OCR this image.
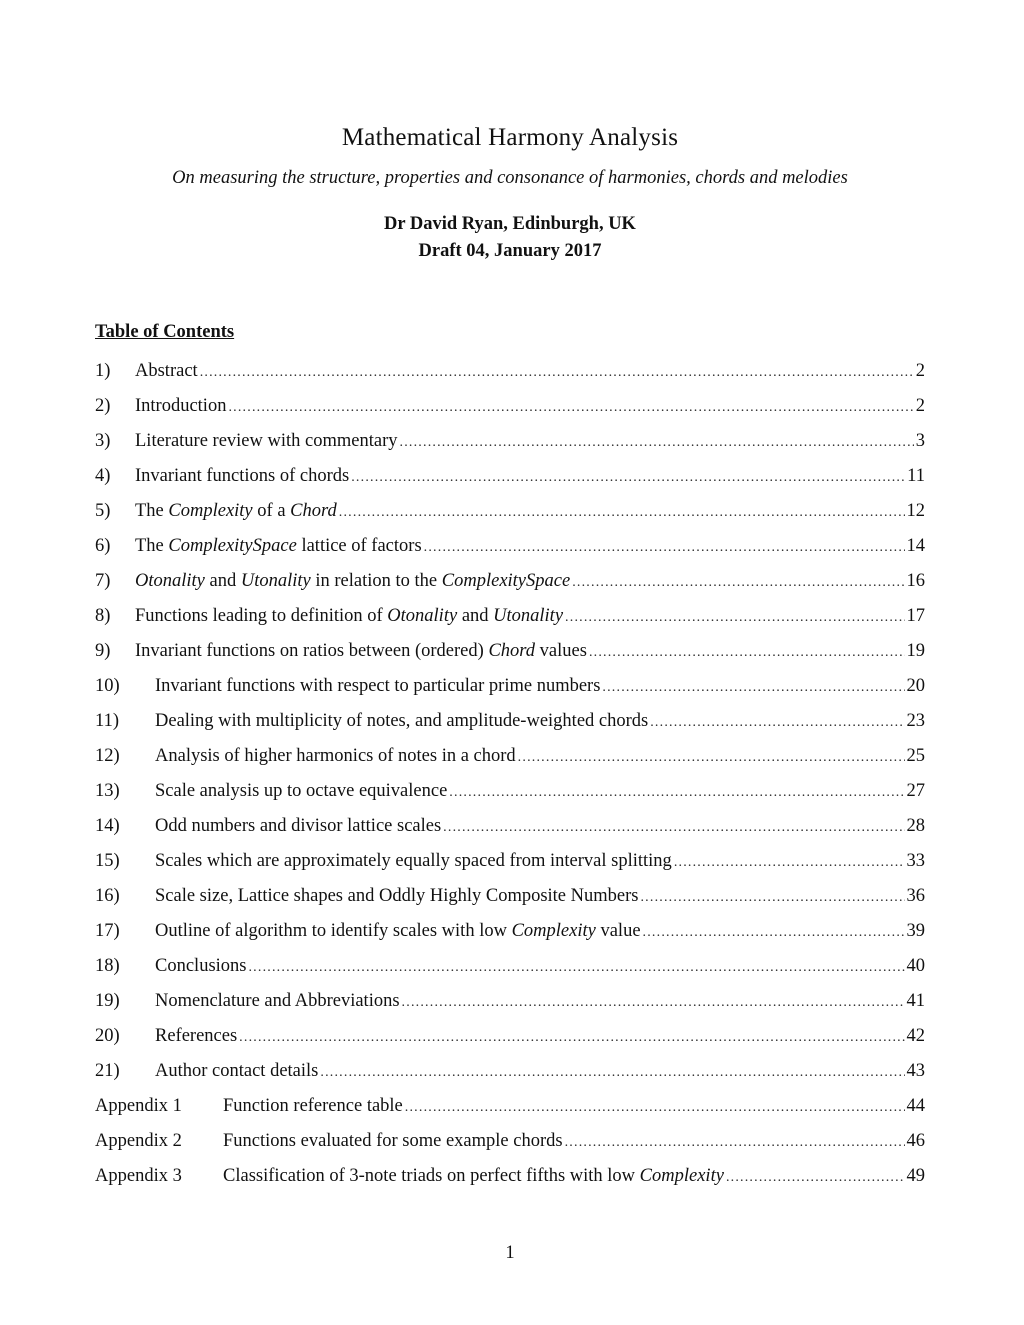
Mathematical Harmony Analysis
On measuring the structure, properties and consonance of harmonies, chords and melodies
Dr David Ryan, Edinburgh, UK
Draft 04, January 2017
Table of Contents
1)	Abstract .....	2
2)	Introduction .....	2
3)	Literature review with commentary .....	3
4)	Invariant functions of chords .....	11
5)	The Complexity of a Chord .....	12
6)	The ComplexitySpace lattice of factors .....	14
7)	Otonality and Utonality in relation to the ComplexitySpace .....	16
8)	Functions leading to definition of Otonality and Utonality .....	17
9)	Invariant functions on ratios between (ordered) Chord values .....	19
10)	Invariant functions with respect to particular prime numbers .....	20
11)	Dealing with multiplicity of notes, and amplitude-weighted chords .....	23
12)	Analysis of higher harmonics of notes in a chord .....	25
13)	Scale analysis up to octave equivalence .....	27
14)	Odd numbers and divisor lattice scales .....	28
15)	Scales which are approximately equally spaced from interval splitting .....	33
16)	Scale size, Lattice shapes and Oddly Highly Composite Numbers .....	36
17)	Outline of algorithm to identify scales with low Complexity value .....	39
18)	Conclusions .....	40
19)	Nomenclature and Abbreviations .....	41
20)	References .....	42
21)	Author contact details .....	43
Appendix 1	Function reference table .....	44
Appendix 2	Functions evaluated for some example chords .....	46
Appendix 3	Classification of 3-note triads on perfect fifths with low Complexity .....	49
1
